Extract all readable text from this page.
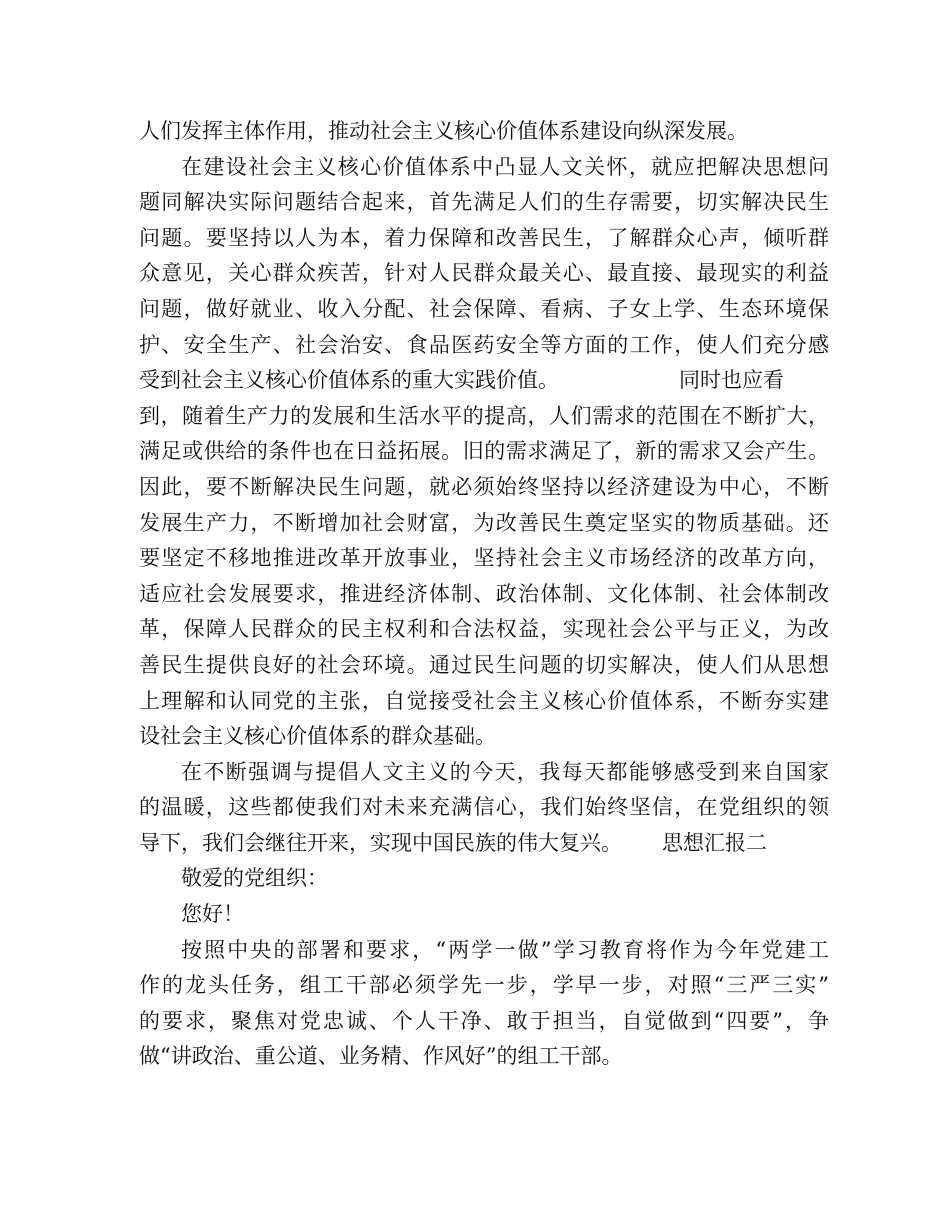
人们发挥主体作用，推动社会主义核心价值体系建设向纵深发展。
在建设社会主义核心价值体系中凸显人文关怀，就应把解决思想问
题同解决实际问题结合起来，首先满足人们的生存需要，切实解决民生
问题。要坚持以人为本，着力保障和改善民生，了解群众心声，倾听群
众意见，关心群众疾苦，针对人民群众最关心、最直接、最现实的利益
问题，做好就业、收入分配、社会保障、看病、子女上学、生态环境保
护、安全生产、社会治安、食品医药安全等方面的工作，使人们充分感
受到社会主义核心价值体系的重大实践价值。	同时也应看
到，随着生产力的发展和生活水平的提高，人们需求的范围在不断扩大，
满足或供给的条件也在日益拓展。旧的需求满足了，新的需求又会产生。
因此，要不断解决民生问题，就必须始终坚持以经济建设为中心，不断
发展生产力，不断增加社会财富，为改善民生奠定坚实的物质基础。还
要坚定不移地推进改革开放事业，坚持社会主义市场经济的改革方向，
适应社会发展要求，推进经济体制、政治体制、文化体制、社会体制改
革，保障人民群众的民主权利和合法权益，实现社会公平与正义，为改
善民生提供良好的社会环境。通过民生问题的切实解决，使人们从思想
上理解和认同党的主张，自觉接受社会主义核心价值体系，不断夯实建
设社会主义核心价值体系的群众基础。
在不断强调与提倡人文主义的今天，我每天都能够感受到来自国家
的温暖，这些都使我们对未来充满信心，我们始终坚信，在党组织的领
导下，我们会继往开来，实现中国民族的伟大复兴。 思想汇报二
敬爱的党组织：
您好！
按照中央的部署和要求，“两学一做”学习教育将作为今年党建工
作的龙头任务，组工干部必须学先一步，学早一步，对照“三严三实”
的要求，聚焦对党忠诚、个人干净、敢于担当，自觉做到“四要”，争
做“讲政治、重公道、业务精、作风好”的组工干部。
